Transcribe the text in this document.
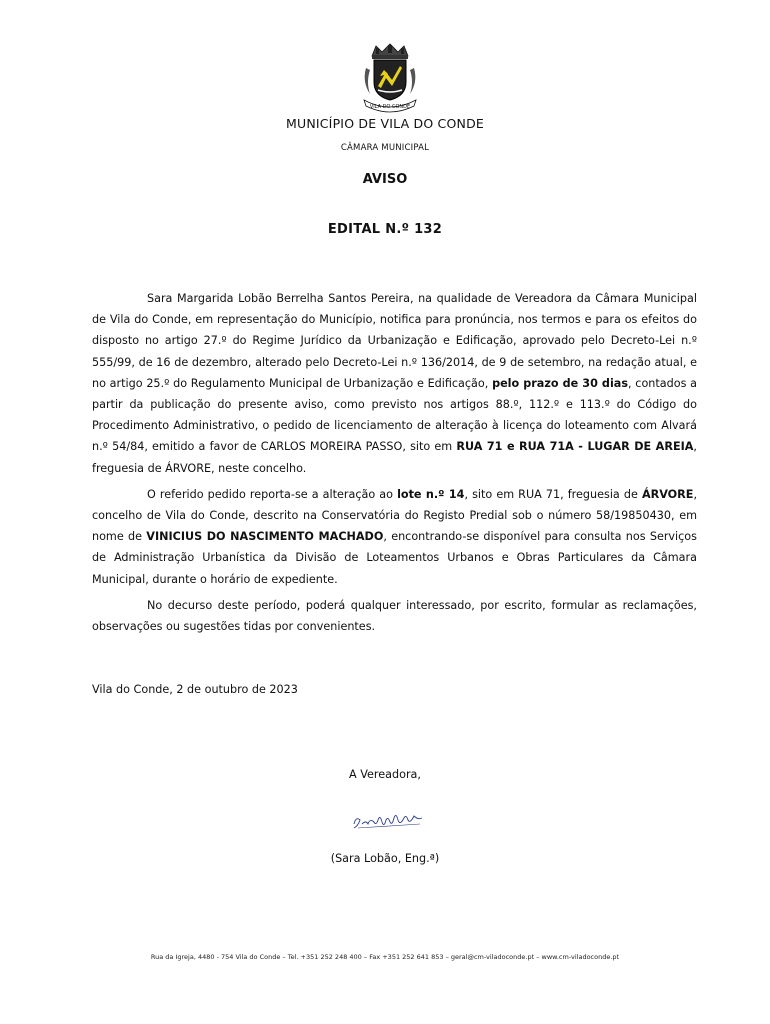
VILA DO CONDE
MUNICÍPIO DE VILA DO CONDE
CÂMARA MUNICIPAL
AVISO
EDITAL N.º 132

Sara Margarida Lobão Berrelha Santos Pereira, na qualidade de Vereadora da Câmara Municipal de Vila do Conde, em representação do Município, notifica para pronúncia, nos termos e para os efeitos do disposto no artigo 27.º do Regime Jurídico da Urbanização e Edificação, aprovado pelo Decreto-Lei n.º 555/99, de 16 de dezembro, alterado pelo Decreto-Lei n.º 136/2014, de 9 de setembro, na redação atual, e no artigo 25.º do Regulamento Municipal de Urbanização e Edificação, pelo prazo de 30 dias, contados a partir da publicação do presente aviso, como previsto nos artigos 88.º, 112.º e 113.º do Código do Procedimento Administrativo, o pedido de licenciamento de alteração à licença do loteamento com Alvará n.º 54/84, emitido a favor de CARLOS MOREIRA PASSO, sito em RUA 71 e RUA 71A - LUGAR DE AREIA, freguesia de ÁRVORE, neste concelho.

O referido pedido reporta-se a alteração ao lote n.º 14, sito em RUA 71, freguesia de ÁRVORE, concelho de Vila do Conde, descrito na Conservatória do Registo Predial sob o número 58/19850430, em nome de VINICIUS DO NASCIMENTO MACHADO, encontrando-se disponível para consulta nos Serviços de Administração Urbanística da Divisão de Loteamentos Urbanos e Obras Particulares da Câmara Municipal, durante o horário de expediente.

No decurso deste período, poderá qualquer interessado, por escrito, formular as reclamações, observações ou sugestões tidas por convenientes.

Vila do Conde, 2 de outubro de 2023
A Vereadora,
(Sara Lobão, Eng.ª)
Rua da Igreja, 4480 - 754 Vila do Conde – Tel. +351 252 248 400 – Fax +351 252 641 853 – geral@cm-viladoconde.pt – www.cm-viladoconde.pt
